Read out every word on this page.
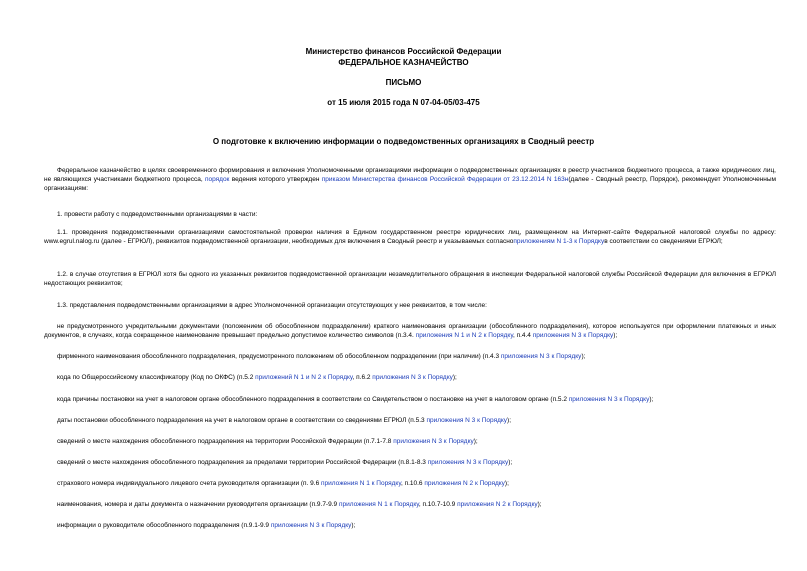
Министерство финансов Российской Федерации
ФЕДЕРАЛЬНОЕ КАЗНАЧЕЙСТВО
ПИСЬМО
от 15 июля 2015 года N 07-04-05/03-475
О подготовке к включению информации о подведомственных организациях в Сводный реестр
Федеральное казначейство в целях своевременного формирования и включения Уполномоченными организациями информации о подведомственных организациях в реестр участников бюджетного процесса, а также юридических лиц, не являющихся участниками бюджетного процесса, порядок ведения которого утвержден приказом Министерства финансов Российской Федерации от 23.12.2014 N 163н(далее - Сводный реестр, Порядок), рекомендует Уполномоченным организациям:
1. провести работу с подведомственными организациями в части:
1.1. проведения подведомственными организациями самостоятельной проверки наличия в Едином государственном реестре юридических лиц, размещенном на Интернет-сайте Федеральной налоговой службы по адресу: www.egrul.nalog.ru (далее - ЕГРЮЛ), реквизитов подведомственной организации, необходимых для включения в Сводный реестр и указываемых согласноприложениям N 1-3 к Порядкув соответствии со сведениями ЕГРЮЛ;
1.2. в случае отсутствия в ЕГРЮЛ хотя бы одного из указанных реквизитов подведомственной организации незамедлительного обращения в инспекции Федеральной налоговой службы Российской Федерации для включения в ЕГРЮЛ недостающих реквизитов;
1.3. представления подведомственными организациями в адрес Уполномоченной организации отсутствующих у нее реквизитов, в том числе:
не предусмотренного учредительными документами (положением об обособленном подразделении) краткого наименования организации (обособленного подразделения), которое используется при оформлении платежных и иных документов, в случаях, когда сокращенное наименование превышает предельно допустимое количество символов (п.3.4. приложения N 1 и N 2 к Порядку, п.4.4 приложения N 3 к Порядку);
фирменного наименования обособленного подразделения, предусмотренного положением об обособленном подразделении (при наличии) (п.4.3 приложения N 3 к Порядку);
кода по Общероссийскому классификатору (Код по ОКФС) (п.5.2 приложений N 1 и N 2 к Порядку, п.6.2 приложения N 3 к Порядку);
кода причины постановки на учет в налоговом органе обособленного подразделения в соответствии со Свидетельством о постановке на учет в налоговом органе (п.5.2 приложения N 3 к Порядку);
даты постановки обособленного подразделения на учет в налоговом органе в соответствии со сведениями ЕГРЮЛ (п.5.3 приложения N 3 к Порядку);
сведений о месте нахождения обособленного подразделения на территории Российской Федерации (п.7.1-7.8 приложения N 3 к Порядку);
сведений о месте нахождения обособленного подразделения за пределами территории Российской Федерации (п.8.1-8.3 приложения N 3 к Порядку);
страхового номера индивидуального лицевого счета руководителя организации (п. 9.6 приложения N 1 к Порядку, п.10.6 приложения N 2 к Порядку);
наименования, номера и даты документа о назначении руководителя организации (п.9.7-9.9 приложения N 1 к Порядку, п.10.7-10.9 приложения N 2 к Порядку);
информации о руководителе обособленного подразделения (п.9.1-9.9 приложения N 3 к Порядку);
